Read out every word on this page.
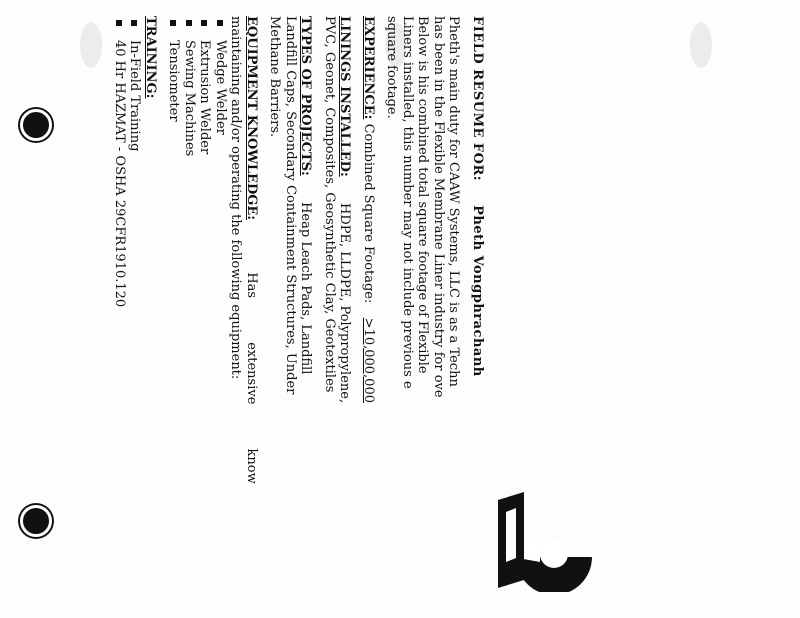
FIELD RESUME FOR:  Pheth Vongphrachanh
Pheth's main duty for CAAW Systems, LLC is as a Techn
has been in the Flexible Membrane Liner industry for ove
Below is his combined total square footage of Flexible
Liners installed, this number may not include previous e
square footage.
EXPERIENCE: Combined Square Footage:  >10,000,000
LININGS INSTALLED:  HDPE, LLDPE, Polypropylene,
PVC, Geonet, Composites, Geosynthetic Clay, Geotextiles
TYPES OF PROJECTS:  Heap Leach Pads, Landfill
Landfill Caps, Secondary Containment Structures, Under
Methane Barriers.
EQUIPMENT KNOWLEDGE:  Has extensive know
maintaining and/or operating the following equipment:
Wedge Welder
Extrusion Welder
Sewing Machines
Tensiometer
TRAINING:
In-Field Training
40 Hr HAZMAT - OSHA 29CFR1910.120
